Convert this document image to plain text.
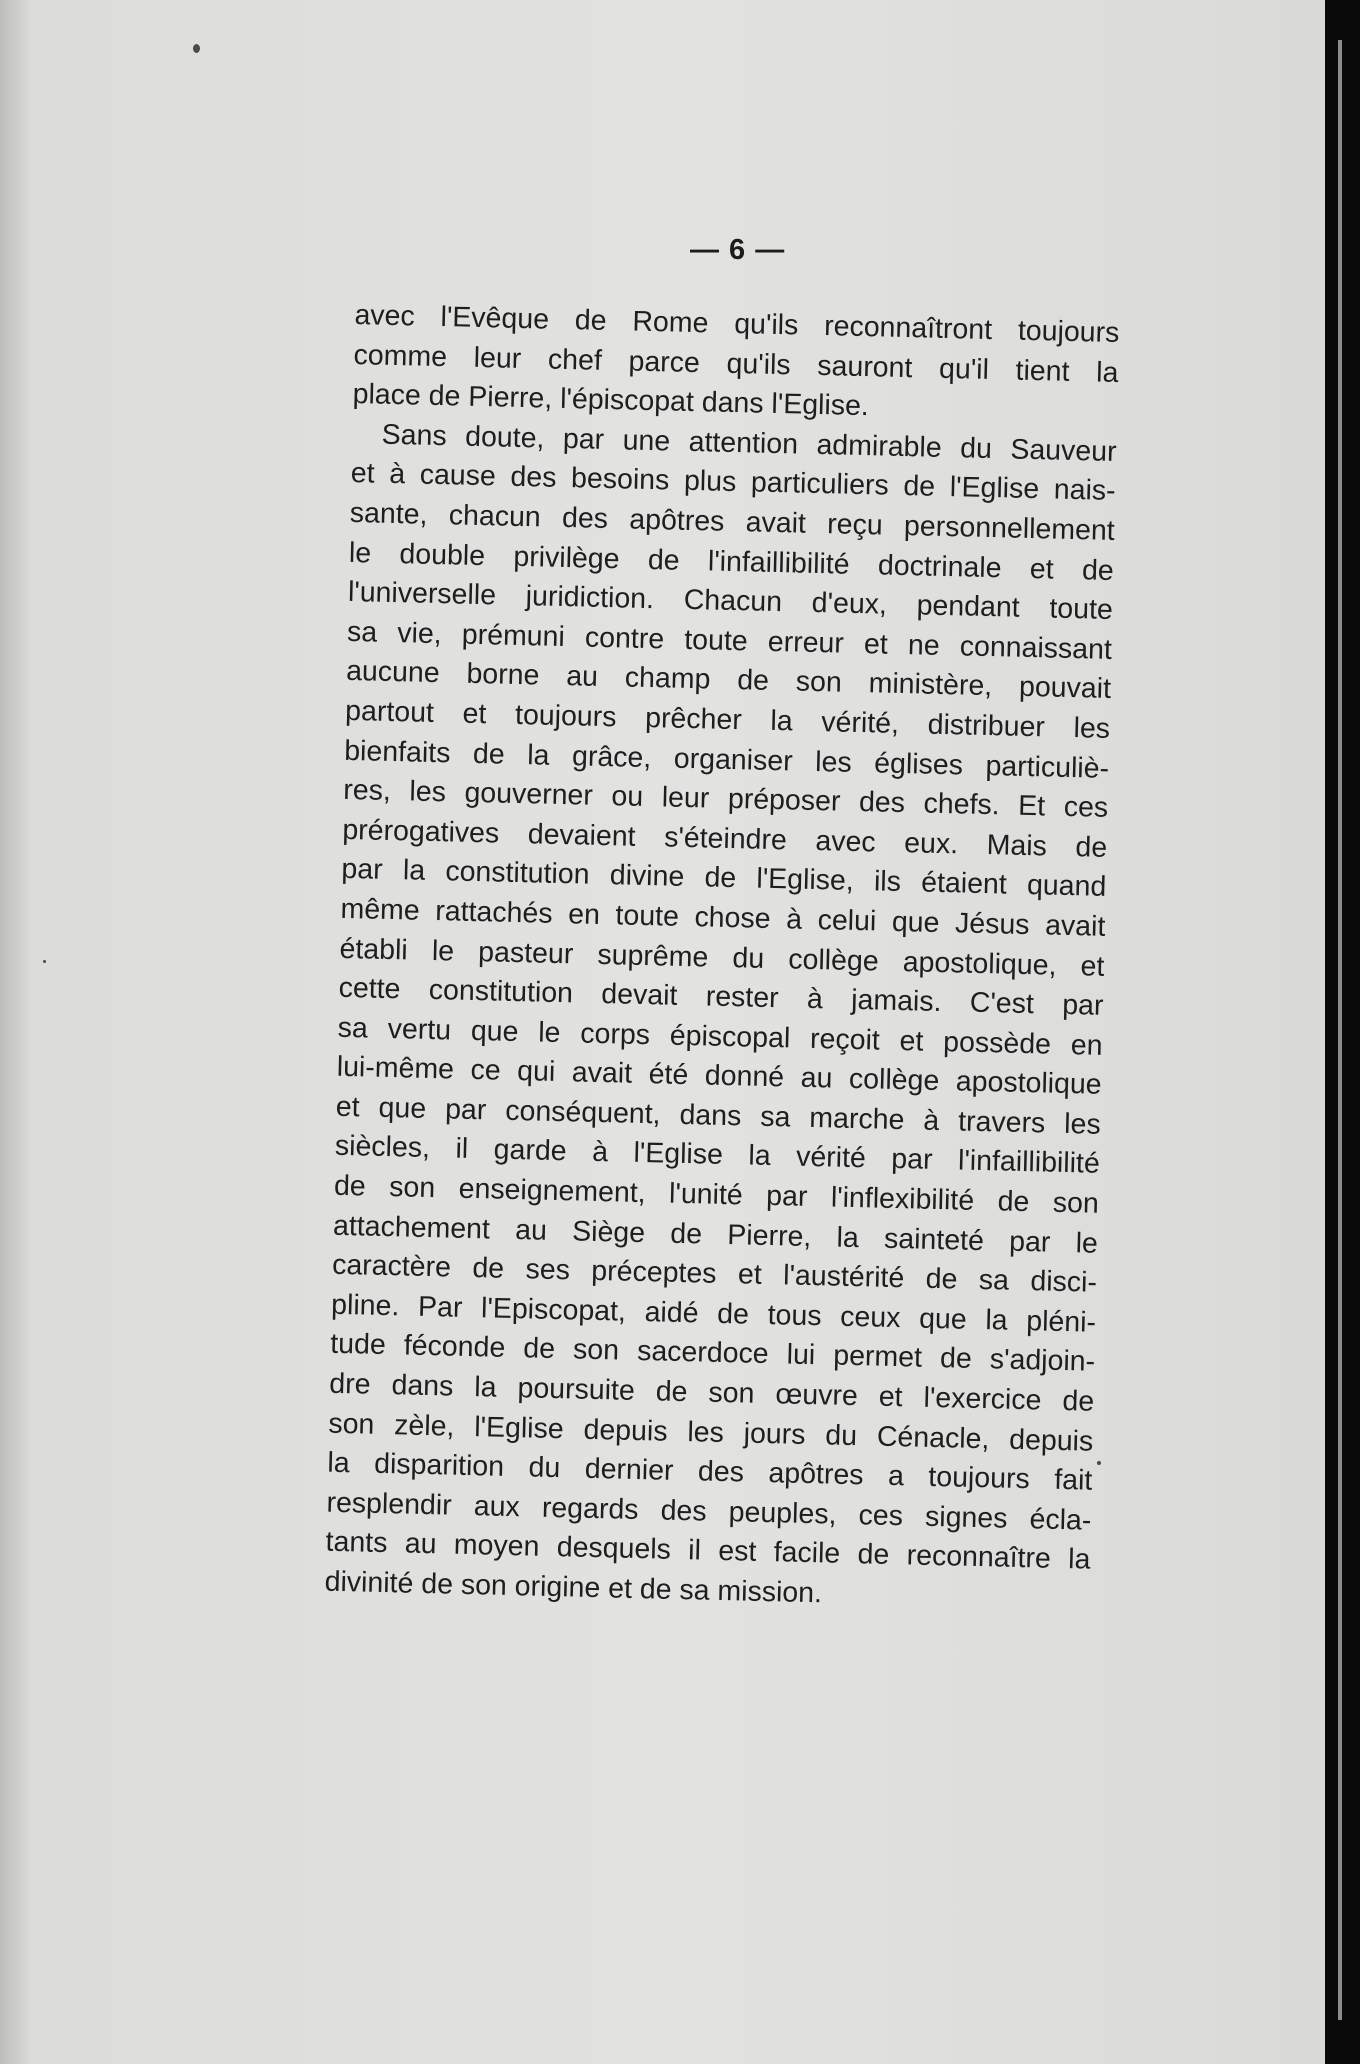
— 6 —
avec l'Evêque de Rome qu'ils reconnaîtront toujours
comme leur chef parce qu'ils sauront qu'il tient la
place de Pierre, l'épiscopat dans l'Eglise.
Sans doute, par une attention admirable du Sauveur
et à cause des besoins plus particuliers de l'Eglise nais-
sante, chacun des apôtres avait reçu personnellement
le double privilège de l'infaillibilité doctrinale et de
l'universelle juridiction. Chacun d'eux, pendant toute
sa vie, prémuni contre toute erreur et ne connaissant
aucune borne au champ de son ministère, pouvait
partout et toujours prêcher la vérité, distribuer les
bienfaits de la grâce, organiser les églises particuliè-
res, les gouverner ou leur préposer des chefs. Et ces
prérogatives devaient s'éteindre avec eux. Mais de
par la constitution divine de l'Eglise, ils étaient quand
même rattachés en toute chose à celui que Jésus avait
établi le pasteur suprême du collège apostolique, et
cette constitution devait rester à jamais. C'est par
sa vertu que le corps épiscopal reçoit et possède en
lui-même ce qui avait été donné au collège apostolique
et que par conséquent, dans sa marche à travers les
siècles, il garde à l'Eglise la vérité par l'infaillibilité
de son enseignement, l'unité par l'inflexibilité de son
attachement au Siège de Pierre, la sainteté par le
caractère de ses préceptes et l'austérité de sa disci-
pline. Par l'Episcopat, aidé de tous ceux que la pléni-
tude féconde de son sacerdoce lui permet de s'adjoin-
dre dans la poursuite de son œuvre et l'exercice de
son zèle, l'Eglise depuis les jours du Cénacle, depuis
la disparition du dernier des apôtres a toujours fait
resplendir aux regards des peuples, ces signes écla-
tants au moyen desquels il est facile de reconnaître la
divinité de son origine et de sa mission.
